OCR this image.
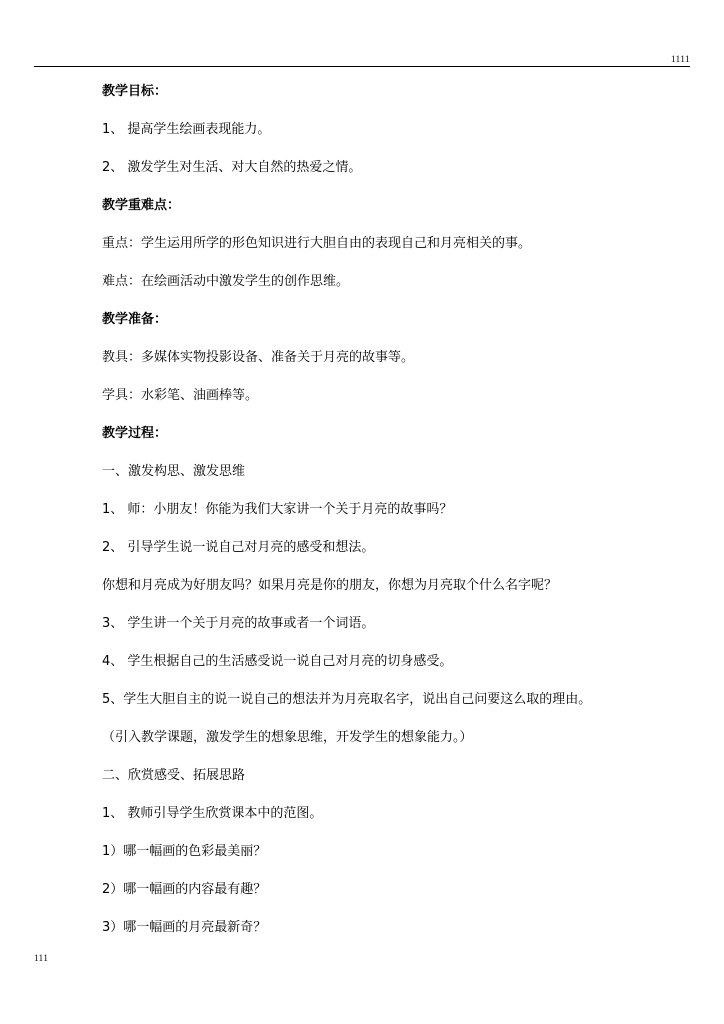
1111
教学目标：
1、 提高学生绘画表现能力。
2、 激发学生对生活、对大自然的热爱之情。
教学重难点：
重点：学生运用所学的形色知识进行大胆自由的表现自己和月亮相关的事。
难点：在绘画活动中激发学生的创作思维。
教学准备：
教具：多媒体实物投影设备、准备关于月亮的故事等。
学具：水彩笔、油画棒等。
教学过程：
一、激发构思、激发思维
1、 师：小朋友！你能为我们大家讲一个关于月亮的故事吗？
2、 引导学生说一说自己对月亮的感受和想法。
你想和月亮成为好朋友吗？如果月亮是你的朋友，你想为月亮取个什么名字呢？
3、 学生讲一个关于月亮的故事或者一个词语。
4、 学生根据自己的生活感受说一说自己对月亮的切身感受。
5、学生大胆自主的说一说自己的想法并为月亮取名字，说出自己问要这么取的理由。
（引入教学课题，激发学生的想象思维，开发学生的想象能力。）
二、欣赏感受、拓展思路
1、 教师引导学生欣赏课本中的范图。
1）哪一幅画的色彩最美丽？
2）哪一幅画的内容最有趣？
3）哪一幅画的月亮最新奇？
111
